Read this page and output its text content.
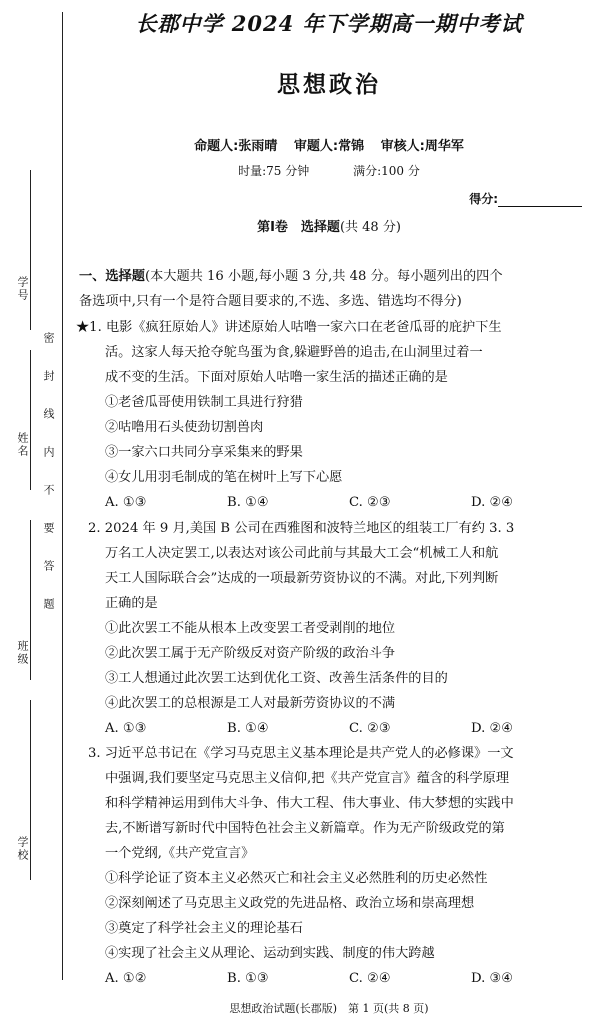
学号
姓名
班级
学校
密封线内不要答题
长郡中学 2024 年下学期高一期中考试
思想政治
命题人:张雨晴 审题人:常锦 审核人:周华军
时量:75 分钟	满分:100 分
得分:
第Ⅰ卷　选择题(共 48 分)
一、选择题(本大题共 16 小题,每小题 3 分,共 48 分。每小题列出的四个
备选项中,只有一个是符合题目要求的,不选、多选、错选均不得分)
★1. 电影《疯狂原始人》讲述原始人咕噜一家六口在老爸瓜哥的庇护下生
活。这家人每天抢夺鸵鸟蛋为食,躲避野兽的追击,在山洞里过着一
成不变的生活。下面对原始人咕噜一家生活的描述正确的是
①老爸瓜哥使用铁制工具进行狩猎
②咕噜用石头使劲切割兽肉
③一家六口共同分享采集来的野果
④女儿用羽毛制成的笔在树叶上写下心愿
A. ①③	B. ①④	C. ②③	D. ②④
2. 2024 年 9 月,美国 B 公司在西雅图和波特兰地区的组装工厂有约 3. 3
万名工人决定罢工,以表达对该公司此前与其最大工会“机械工人和航
天工人国际联合会”达成的一项最新劳资协议的不满。对此,下列判断
正确的是
①此次罢工不能从根本上改变罢工者受剥削的地位
②此次罢工属于无产阶级反对资产阶级的政治斗争
③工人想通过此次罢工达到优化工资、改善生活条件的目的
④此次罢工的总根源是工人对最新劳资协议的不满
A. ①③	B. ①④	C. ②③	D. ②④
3. 习近平总书记在《学习马克思主义基本理论是共产党人的必修课》一文
中强调,我们要坚定马克思主义信仰,把《共产党宣言》蕴含的科学原理
和科学精神运用到伟大斗争、伟大工程、伟大事业、伟大梦想的实践中
去,不断谱写新时代中国特色社会主义新篇章。作为无产阶级政党的第
一个党纲,《共产党宣言》
①科学论证了资本主义必然灭亡和社会主义必然胜利的历史必然性
②深刻阐述了马克思主义政党的先进品格、政治立场和崇高理想
③奠定了科学社会主义的理论基石
④实现了社会主义从理论、运动到实践、制度的伟大跨越
A. ①②	B. ①③	C. ②④	D. ③④
思想政治试题(长郡版)　第 1 页(共 8 页)
